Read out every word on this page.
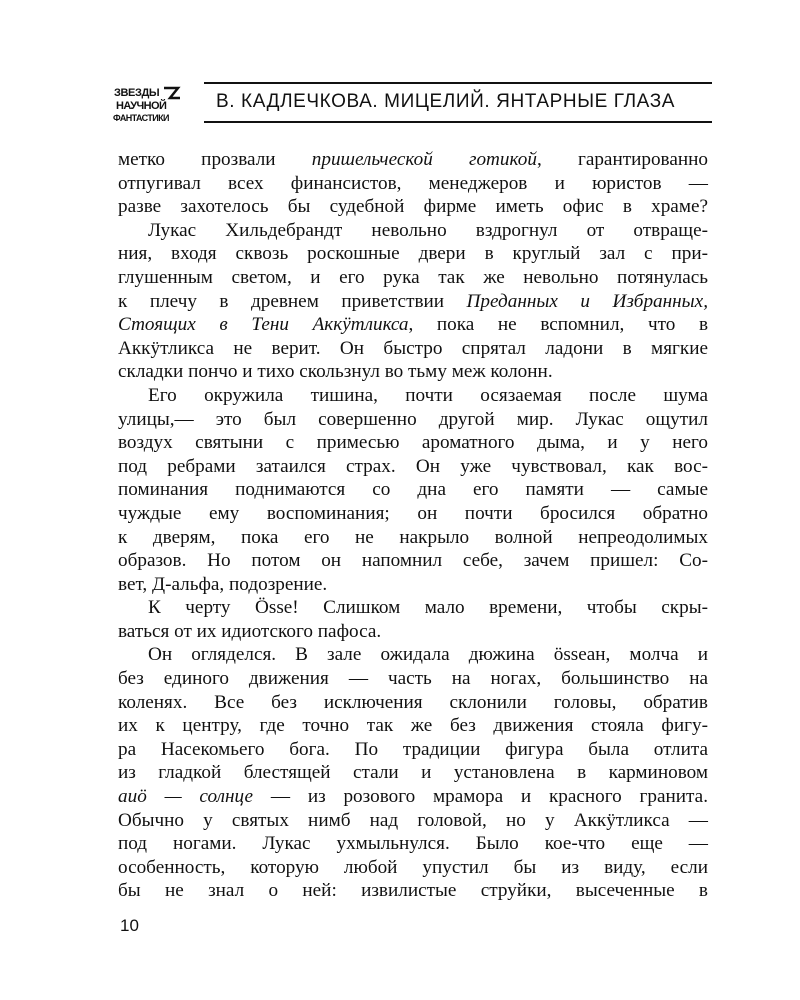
ЗВЕЗДЫ
НАУЧНОЙ
ФАНТАСТИКИ
В. КАДЛЕЧКОВА. МИЦЕЛИЙ. ЯНТАРНЫЕ ГЛАЗА
метко прозвали пришельческой готикой, гарантированно
отпугивал всех финансистов, менеджеров и юристов —
разве захотелось бы судебной фирме иметь офис в храме?
Лукас Хильдебрандт невольно вздрогнул от отвраще-
ния, входя сквозь роскошные двери в круглый зал с при-
глушенным светом, и его рука так же невольно потянулась
к плечу в древнем приветствии Преданных и Избранных,
Стоящих в Тени Аккӱтликса, пока не вспомнил, что в
Аккӱтликса не верит. Он быстро спрятал ладони в мягкие
складки пончо и тихо скользнул во тьму меж колонн.
Его окружила тишина, почти осязаемая после шума
улицы,— это был совершенно другой мир. Лукас ощутил
воздух святыни с примесью ароматного дыма, и у него
под ребрами затаился страх. Он уже чувствовал, как вос-
поминания поднимаются со дна его памяти — самые
чуждые ему воспоминания; он почти бросился обратно
к дверям, пока его не накрыло волной непреодолимых
образов. Но потом он напомнил себе, зачем пришел: Со-
вет, Д-альфа, подозрение.
К черту Össe! Слишком мало времени, чтобы скры-
ваться от их идиотского пафоса.
Он огляделся. В зале ожидала дюжина össeан, молча и
без единого движения — часть на ногах, большинство на
коленях. Все без исключения склонили головы, обратив
их к центру, где точно так же без движения стояла фигу-
ра Насекомьего бога. По традиции фигура была отлита
из гладкой блестящей стали и установлена в карминовом
аиӧ — солнце — из розового мрамора и красного гранита.
Обычно у святых нимб над головой, но у Аккӱтликса —
под ногами. Лукас ухмыльнулся. Было кое-что еще —
особенность, которую любой упустил бы из виду, если
бы не знал о ней: извилистые струйки, высеченные в
10
